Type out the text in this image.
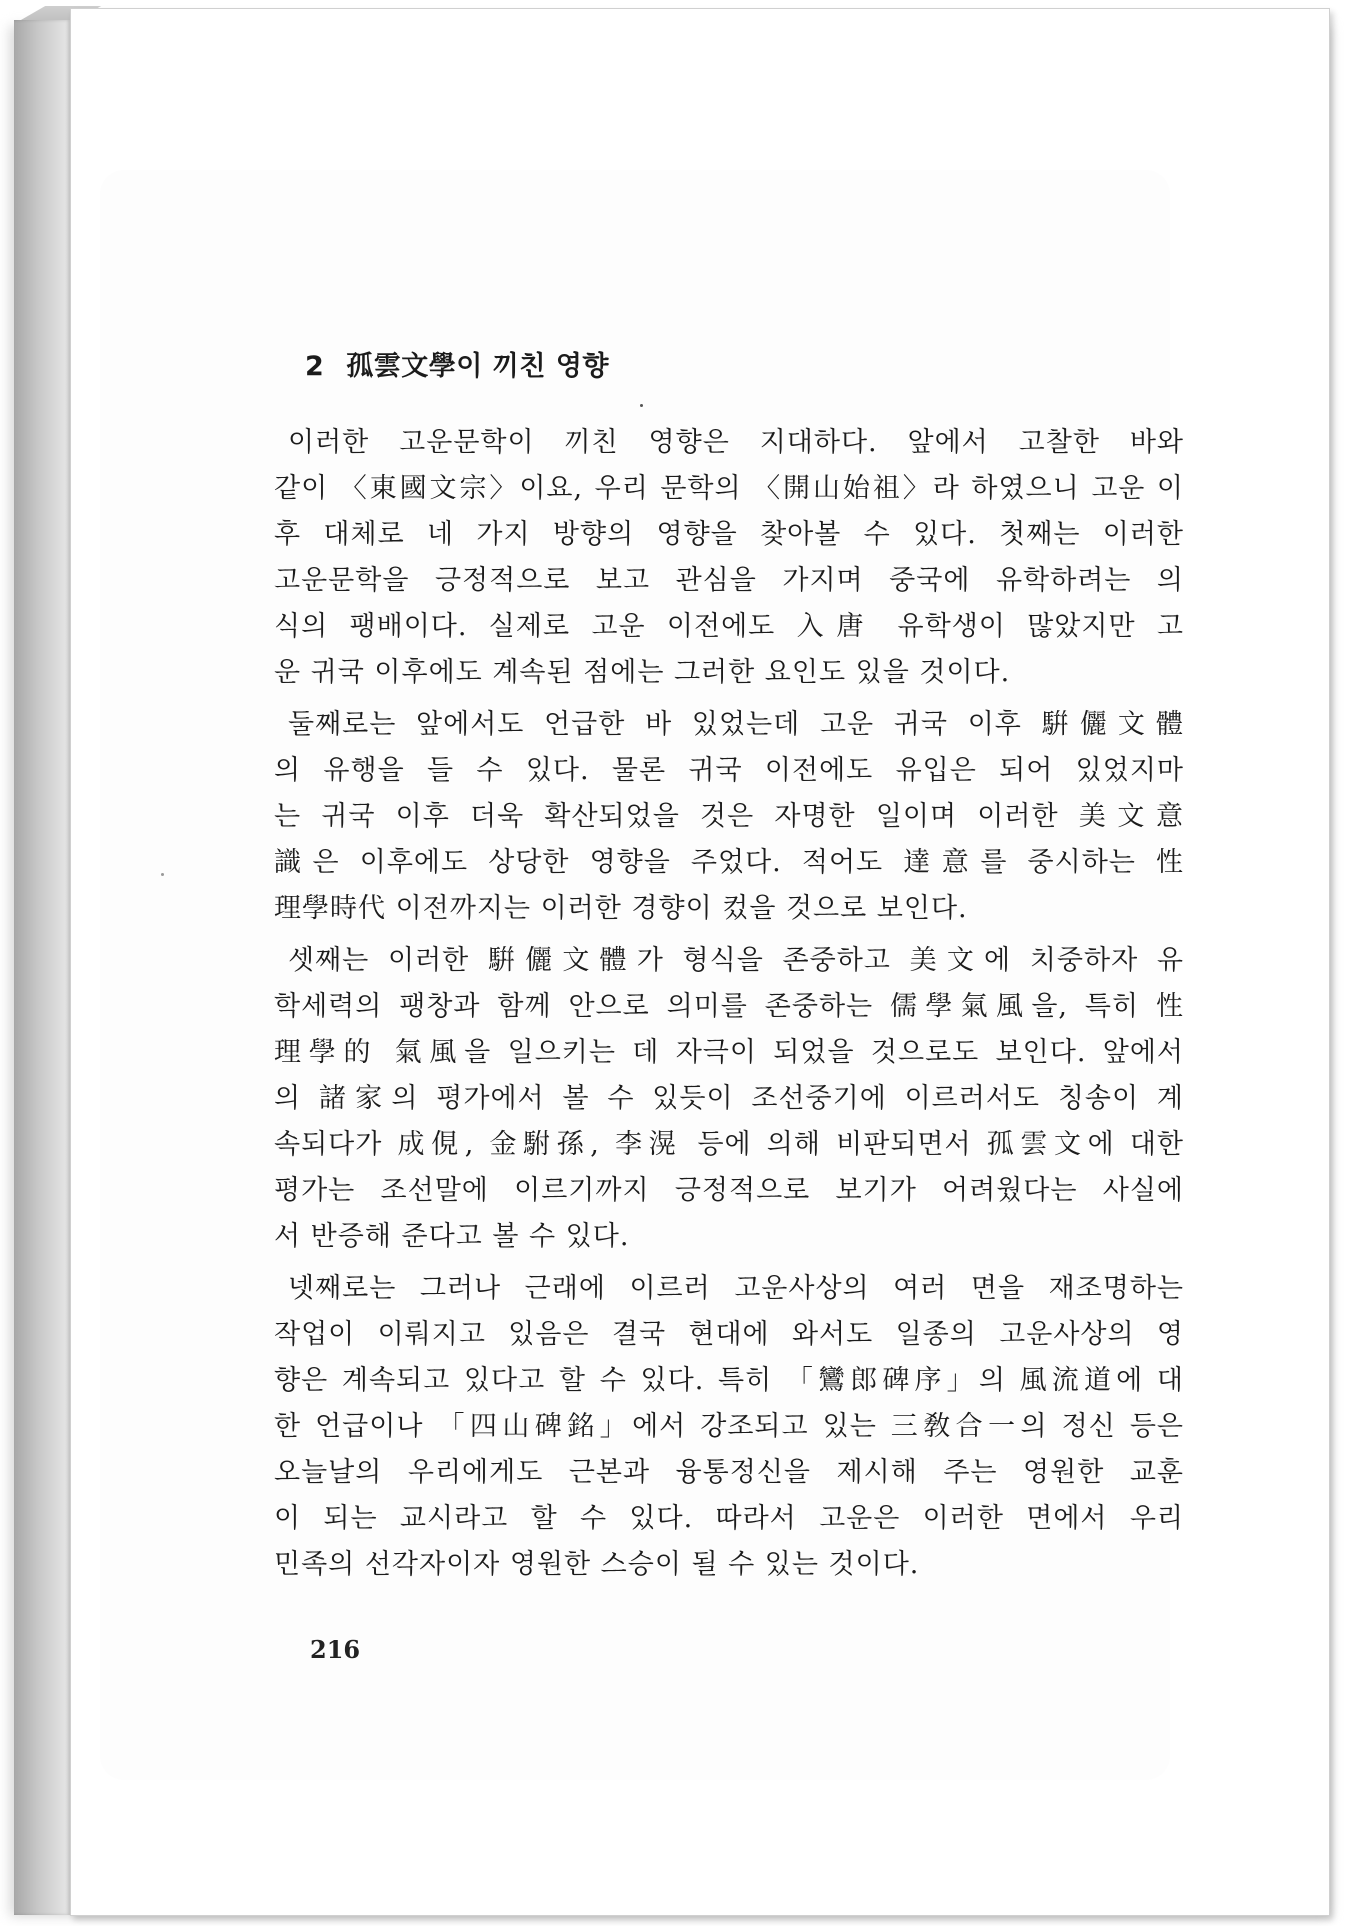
2 孤雲文學이 끼친 영향
이러한 고운문학이 끼친 영향은 지대하다. 앞에서 고찰한 바와
같이 〈東國文宗〉이요, 우리 문학의 〈開山始祖〉라 하였으니 고운 이
후 대체로 네 가지 방향의 영향을 찾아볼 수 있다. 첫째는 이러한
고운문학을 긍정적으로 보고 관심을 가지며 중국에 유학하려는 의
식의 팽배이다. 실제로 고운 이전에도 入唐 유학생이 많았지만 고
운 귀국 이후에도 계속된 점에는 그러한 요인도 있을 것이다.
둘째로는 앞에서도 언급한 바 있었는데 고운 귀국 이후 騈儷文體
의 유행을 들 수 있다. 물론 귀국 이전에도 유입은 되어 있었지마
는 귀국 이후 더욱 확산되었을 것은 자명한 일이며 이러한 美文意
識은 이후에도 상당한 영향을 주었다. 적어도 達意를 중시하는 性
理學時代 이전까지는 이러한 경향이 컸을 것으로 보인다.
셋째는 이러한 騈儷文體가 형식을 존중하고 美文에 치중하자 유
학세력의 팽창과 함께 안으로 의미를 존중하는 儒學氣風을, 특히 性
理學的 氣風을 일으키는 데 자극이 되었을 것으로도 보인다. 앞에서
의 諸家의 평가에서 볼 수 있듯이 조선중기에 이르러서도 칭송이 계
속되다가 成俔, 金駙孫, 李滉 등에 의해 비판되면서 孤雲文에 대한
평가는 조선말에 이르기까지 긍정적으로 보기가 어려웠다는 사실에
서 반증해 준다고 볼 수 있다.
넷째로는 그러나 근래에 이르러 고운사상의 여러 면을 재조명하는
작업이 이뤄지고 있음은 결국 현대에 와서도 일종의 고운사상의 영
향은 계속되고 있다고 할 수 있다. 특히 「鸞郎碑序」의 風流道에 대
한 언급이나 「四山碑銘」에서 강조되고 있는 三敎合一의 정신 등은
오늘날의 우리에게도 근본과 융통정신을 제시해 주는 영원한 교훈
이 되는 교시라고 할 수 있다. 따라서 고운은 이러한 면에서 우리
민족의 선각자이자 영원한 스승이 될 수 있는 것이다.
216
